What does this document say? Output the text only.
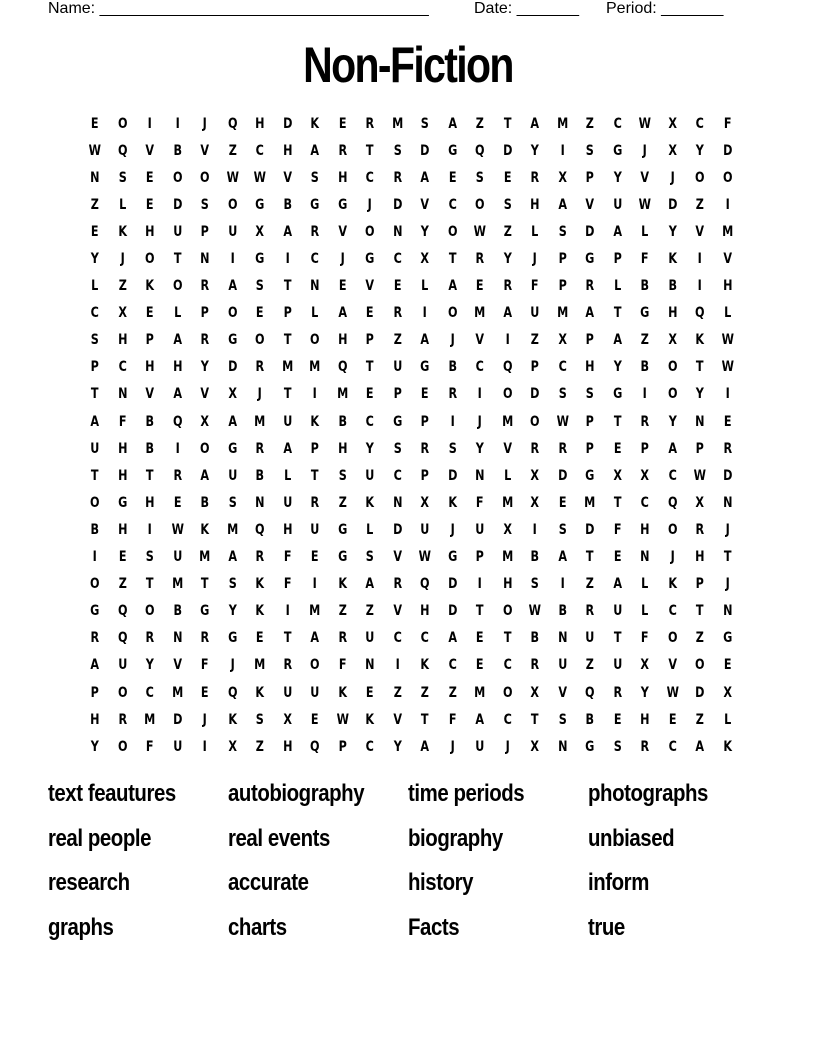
Name: _____________________________________	Date: _______ Period: _______
Non-Fiction
E	O	I	I	J	Q	H	D	K	E	R	M	S	A	Z	T	A	M	Z	C	W	X	C	F
W	Q	V	B	V	Z	C	H	A	R	T	S	D	G	Q	D	Y	I	S	G	J	X	Y	D
N	S	E	O	O	W	W	V	S	H	C	R	A	E	S	E	R	X	P	Y	V	J	O	O
Z	L	E	D	S	O	G	B	G	G	J	D	V	C	O	S	H	A	V	U	W	D	Z	I
E	K	H	U	P	U	X	A	R	V	O	N	Y	O	W	Z	L	S	D	A	L	Y	V	M
Y	J	O	T	N	I	G	I	C	J	G	C	X	T	R	Y	J	P	G	P	F	K	I	V
L	Z	K	O	R	A	S	T	N	E	V	E	L	A	E	R	F	P	R	L	B	B	I	H
C	X	E	L	P	O	E	P	L	A	E	R	I	O	M	A	U	M	A	T	G	H	Q	L
S	H	P	A	R	G	O	T	O	H	P	Z	A	J	V	I	Z	X	P	A	Z	X	K	W
P	C	H	H	Y	D	R	M	M	Q	T	U	G	B	C	Q	P	C	H	Y	B	O	T	W
T	N	V	A	V	X	J	T	I	M	E	P	E	R	I	O	D	S	S	G	I	O	Y	I
A	F	B	Q	X	A	M	U	K	B	C	G	P	I	J	M	O	W	P	T	R	Y	N	E
U	H	B	I	O	G	R	A	P	H	Y	S	R	S	Y	V	R	R	P	E	P	A	P	R
T	H	T	R	A	U	B	L	T	S	U	C	P	D	N	L	X	D	G	X	X	C	W	D
O	G	H	E	B	S	N	U	R	Z	K	N	X	K	F	M	X	E	M	T	C	Q	X	N
B	H	I	W	K	M	Q	H	U	G	L	D	U	J	U	X	I	S	D	F	H	O	R	J
I	E	S	U	M	A	R	F	E	G	S	V	W	G	P	M	B	A	T	E	N	J	H	T
O	Z	T	M	T	S	K	F	I	K	A	R	Q	D	I	H	S	I	Z	A	L	K	P	J
G	Q	O	B	G	Y	K	I	M	Z	Z	V	H	D	T	O	W	B	R	U	L	C	T	N
R	Q	R	N	R	G	E	T	A	R	U	C	C	A	E	T	B	N	U	T	F	O	Z	G
A	U	Y	V	F	J	M	R	O	F	N	I	K	C	E	C	R	U	Z	U	X	V	O	E
P	O	C	M	E	Q	K	U	U	K	E	Z	Z	Z	M	O	X	V	Q	R	Y	W	D	X
H	R	M	D	J	K	S	X	E	W	K	V	T	F	A	C	T	S	B	E	H	E	Z	L
Y	O	F	U	I	X	Z	H	Q	P	C	Y	A	J	U	J	X	N	G	S	R	C	A	K
text feautures	autobiography	time periods	photographs
real people	real events	biography	unbiased
research	accurate	history	inform
graphs	charts	Facts	true
